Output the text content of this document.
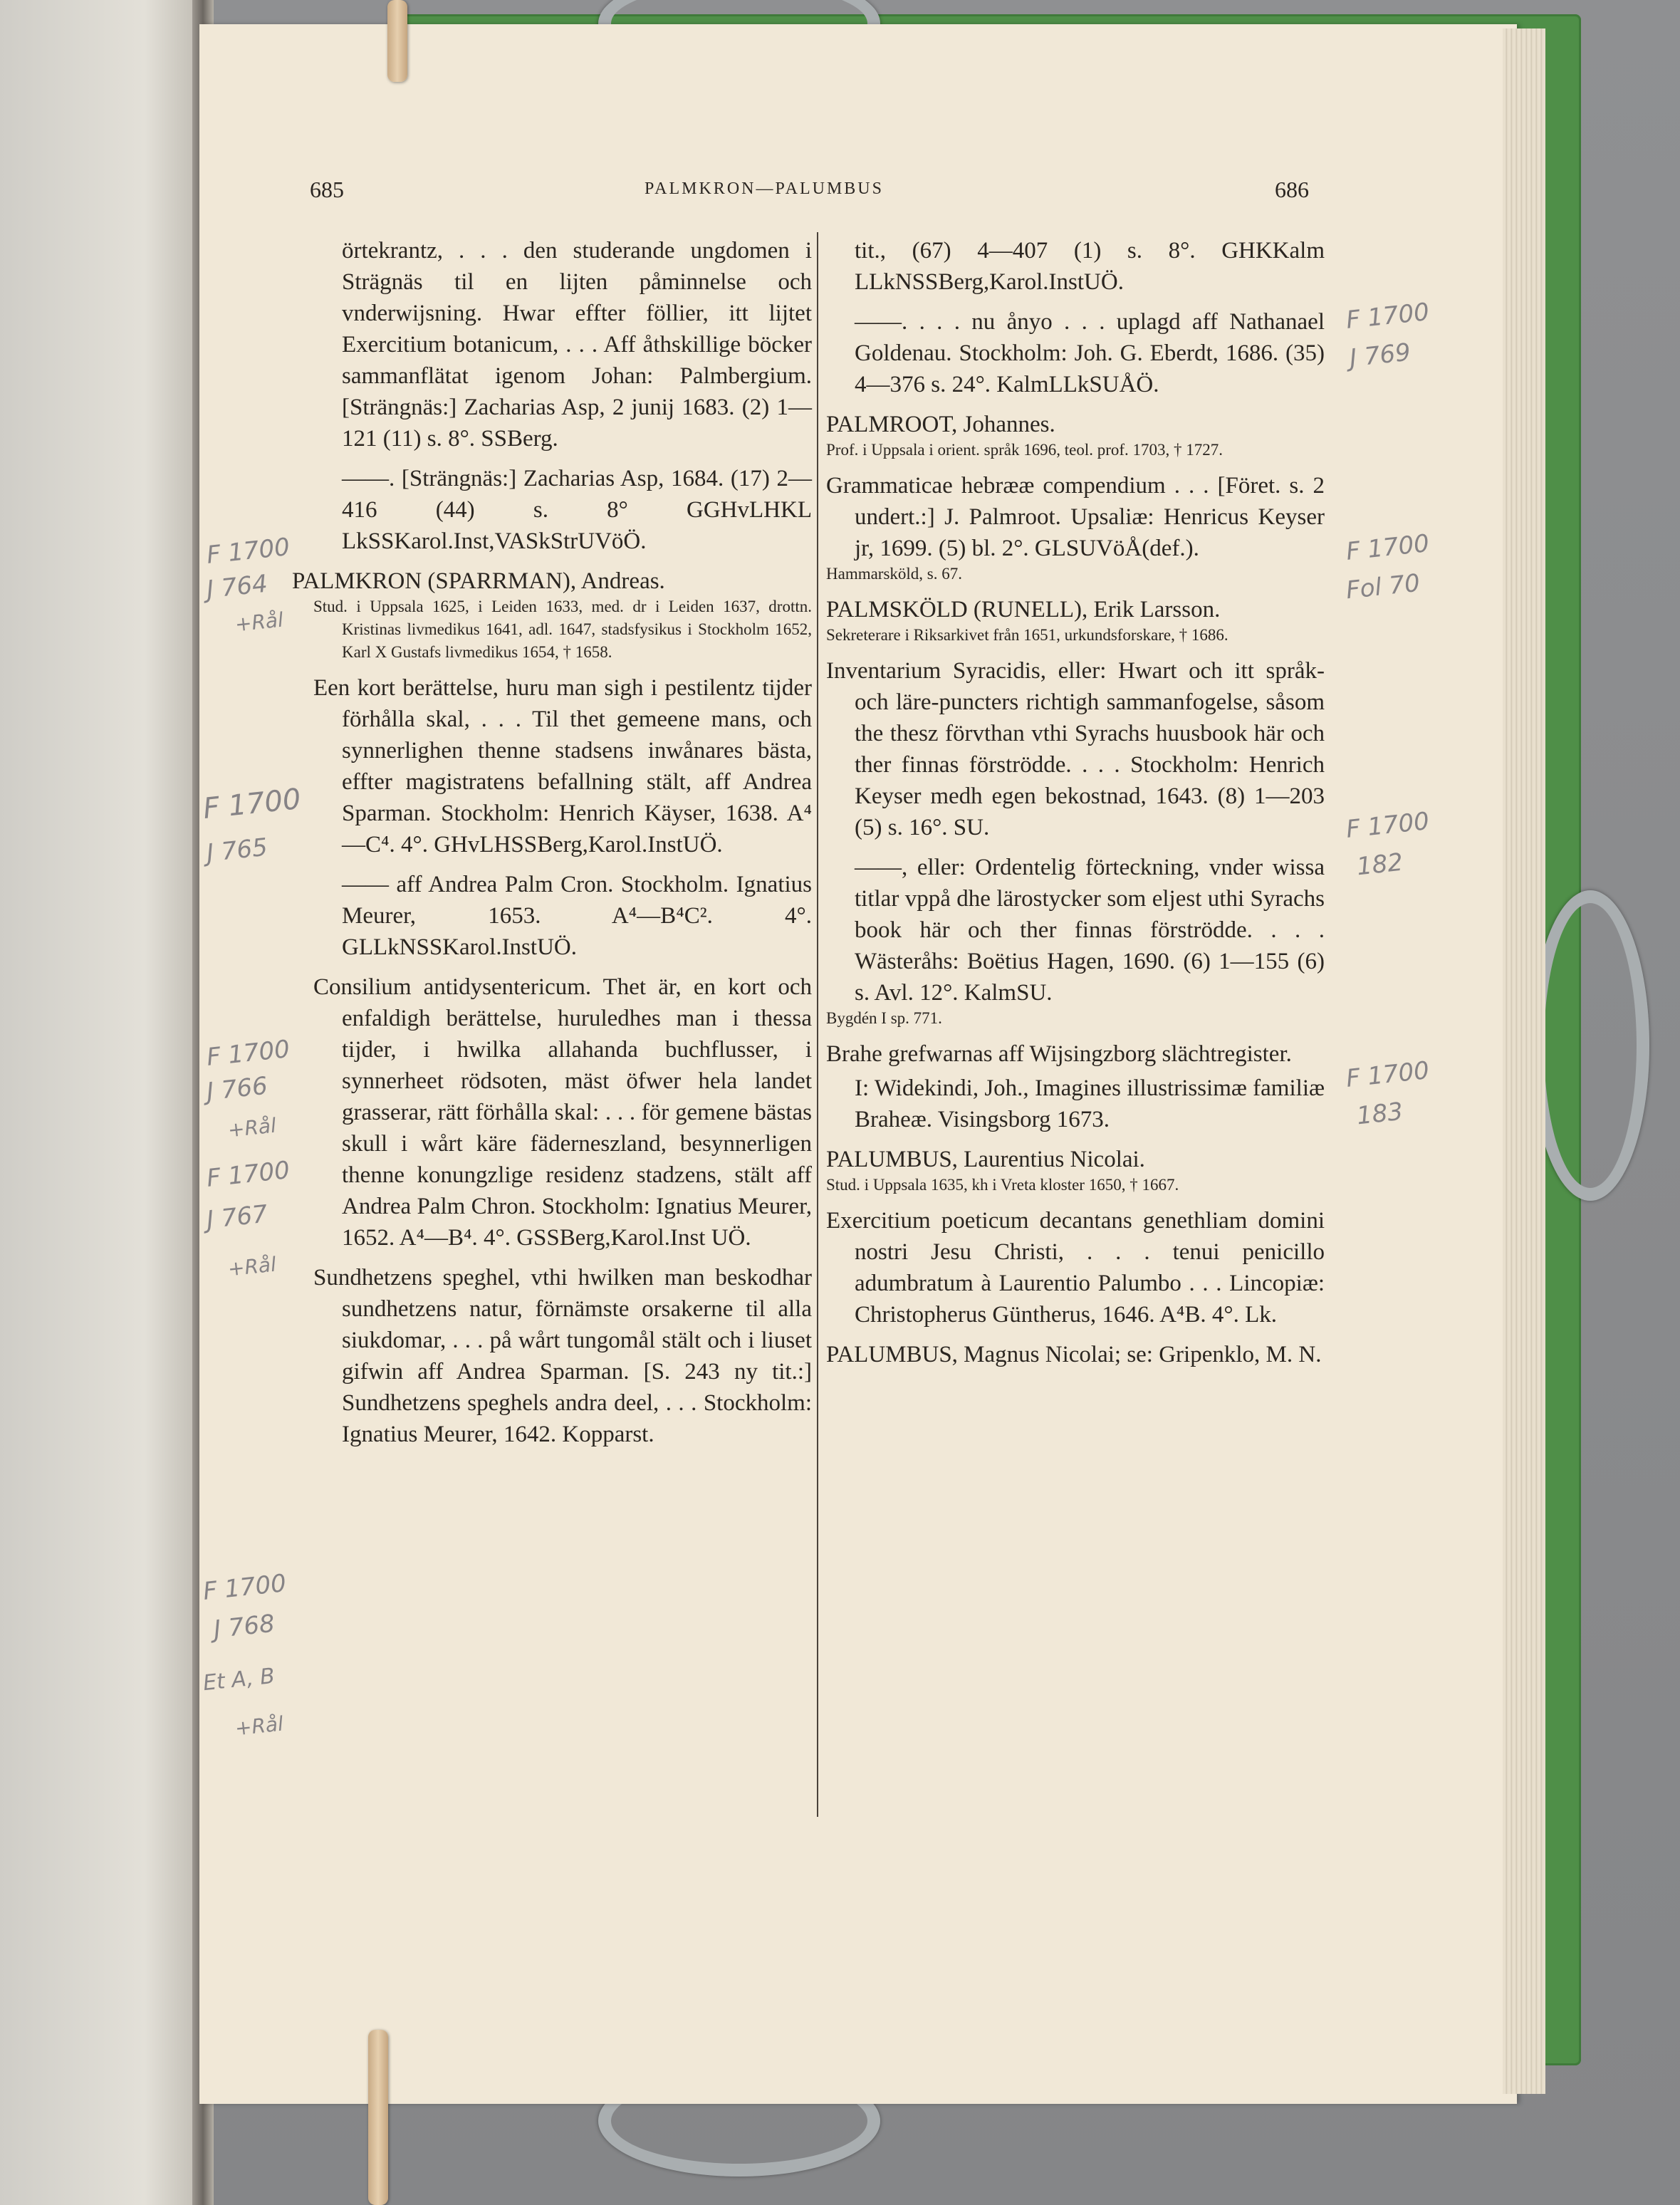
685	PALMKRON—PALUMBUS	686

örtekrantz, . . . den studerande ungdomen i Strägnäs til en lijten påminnelse och vnderwijsning. Hwar effter föllier, itt lijtet Exercitium botanicum, . . . Aff åthskillige böcker sammanflätat igenom Johan: Palmbergium. [Strängnäs:] Zacharias Asp, 2 junij 1683. (2) 1—121 (11) s. 8°. SSBerg.

——. [Strängnäs:] Zacharias Asp, 1684. (17) 2—416 (44) s. 8° GGHvLHKL LkSSKarol.Inst,VASkStrUVöÖ.

PALMKRON (SPARRMAN), Andreas.

Stud. i Uppsala 1625, i Leiden 1633, med. dr i Leiden 1637, drottn. Kristinas livmedikus 1641, adl. 1647, stadsfysikus i Stockholm 1652, Karl X Gustafs livmedikus 1654, † 1658.

Een kort berättelse, huru man sigh i pestilentz tijder förhålla skal, . . . Til thet gemeene mans, och synnerlighen thenne stadsens inwånares bästa, effter magistratens befallning stält, aff Andrea Sparman. Stockholm: Henrich Käyser, 1638. A⁴—C⁴. 4°. GHvLHSSBerg,Karol.InstUÖ.

—— aff Andrea Palm Cron. Stockholm. Ignatius Meurer, 1653. A⁴—B⁴C². 4°. GLLkNSSKarol.InstUÖ.

Consilium antidysentericum. Thet är, en kort och enfaldigh berättelse, huruledhes man i thessa tijder, i hwilka allahanda buchflusser, i synnerheet rödsoten, mäst öfwer hela landet grasserar, rätt förhålla skal: . . . för gemene bästas skull i wårt käre fäderneszland, besynnerligen thenne konungzlige residenz stadzens, stält aff Andrea Palm Chron. Stockholm: Ignatius Meurer, 1652. A⁴—B⁴. 4°. GSSBerg,Karol.Inst UÖ.

Sundhetzens speghel, vthi hwilken man beskodhar sundhetzens natur, förnämste orsakerne til alla siukdomar, . . . på wårt tungomål stält och i liuset gifwin aff Andrea Sparman. [S. 243 ny tit.:] Sundhetzens speghels andra deel, . . . Stockholm: Ignatius Meurer, 1642. Kopparst.

tit., (67) 4—407 (1) s. 8°. GHKKalm LLkNSSBerg,Karol.InstUÖ.

——. . . . nu ånyo . . . uplagd aff Nathanael Goldenau. Stockholm: Joh. G. Eberdt, 1686. (35) 4—376 s. 24°. KalmLLkSUÅÖ.

PALMROOT, Johannes.

Prof. i Uppsala i orient. språk 1696, teol. prof. 1703, † 1727.

Grammaticae hebrææ compendium . . . [Föret. s. 2 undert.:] J. Palmroot. Upsaliæ: Henricus Keyser jr, 1699. (5) bl. 2°. GLSUVöÅ(def.).

Hammarsköld, s. 67.

PALMSKÖLD (RUNELL), Erik Larsson.

Sekreterare i Riksarkivet från 1651, urkundsforskare, † 1686.

Inventarium Syracidis, eller: Hwart och itt språk- och läre-puncters richtigh sammanfogelse, såsom the thesz förvthan vthi Syrachs huusbook här och ther finnas förströdde. . . . Stockholm: Henrich Keyser medh egen bekostnad, 1643. (8) 1—203 (5) s. 16°. SU.

——, eller: Ordentelig förteckning, vnder wissa titlar vppå dhe lärostycker som eljest uthi Syrachs book här och ther finnas förströdde. . . . Wästeråhs: Boëtius Hagen, 1690. (6) 1—155 (6) s. Avl. 12°. KalmSU.

Bygdén I sp. 771.

Brahe grefwarnas aff Wijsingzborg slächtregister.

I: Widekindi, Joh., Imagines illustrissimæ familiæ Braheæ. Visingsborg 1673.

PALUMBUS, Laurentius Nicolai.

Stud. i Uppsala 1635, kh i Vreta kloster 1650, † 1667.

Exercitium poeticum decantans genethliam domini nostri Jesu Christi, . . . tenui penicillo adumbratum à Laurentio Palumbo . . . Lincopiæ: Christopherus Güntherus, 1646. A⁴B. 4°. Lk.

PALUMBUS, Magnus Nicolai; se: Gripenklo, M. N.

F 1700
J 764
+Rål
F 1700
J 765
F 1700
J 766
+Rål
F 1700
J 767
+Rål
F 1700
J 768
Et A, B
+Rål
F 1700
J 769
F 1700
Fol 70
F 1700
182
F 1700
183
